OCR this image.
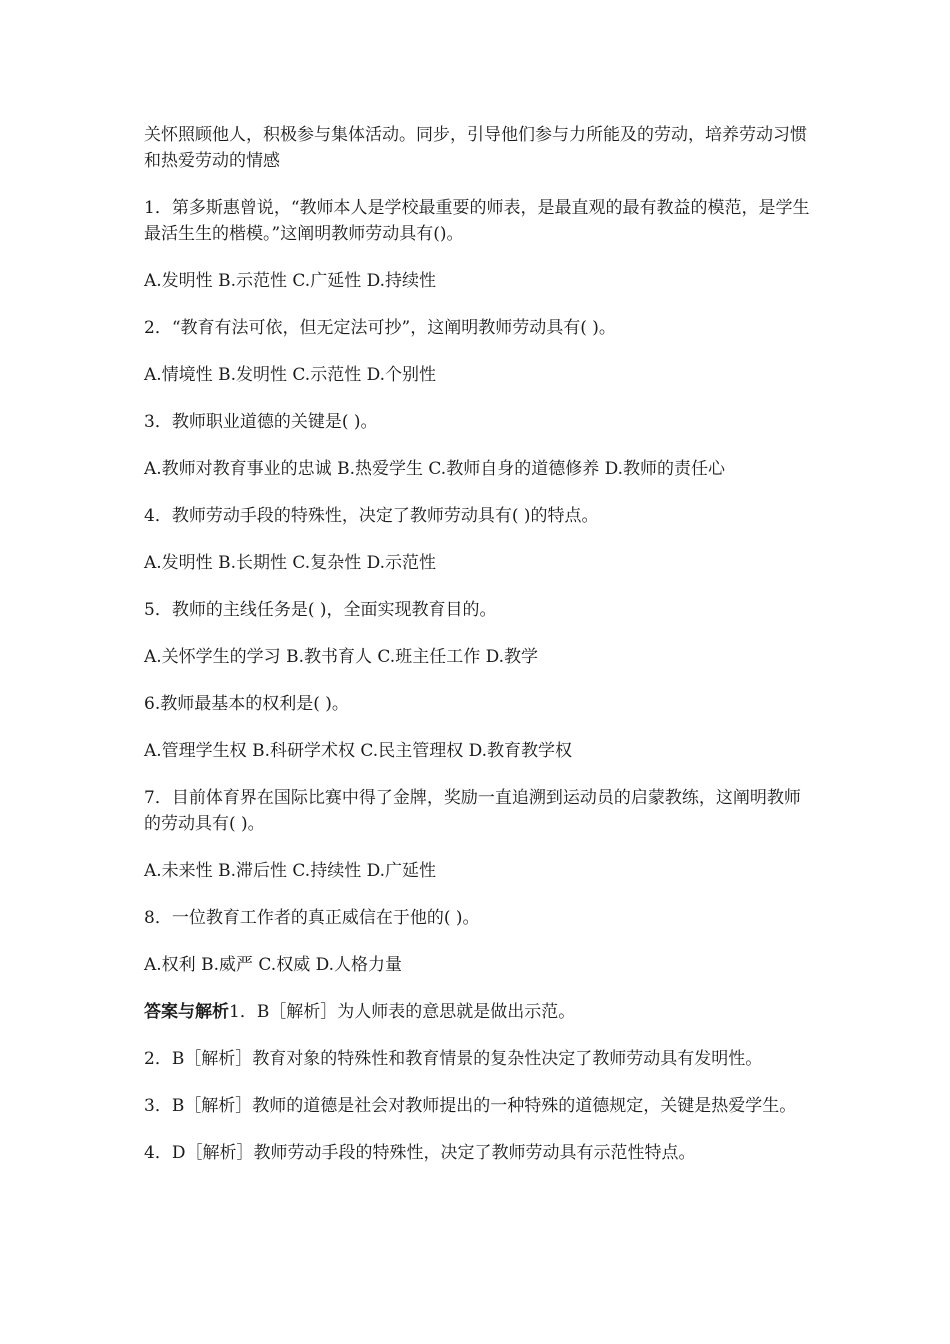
关怀照顾他人，积极参与集体活动。同步，引导他们参与力所能及的劳动，培养劳动习惯和热爱劳动的情感

1．第多斯惠曾说，“教师本人是学校最重要的师表，是最直观的最有教益的模范，是学生最活生生的楷模。”这阐明教师劳动具有()。

A.发明性 B.示范性 C.广延性 D.持续性

2．“教育有法可依，但无定法可抄”，这阐明教师劳动具有( )。

A.情境性 B.发明性 C.示范性 D.个别性

3．教师职业道德的关键是( )。

A.教师对教育事业的忠诚 B.热爱学生 C.教师自身的道德修养 D.教师的责任心

4．教师劳动手段的特殊性，决定了教师劳动具有( )的特点。

A.发明性 B.长期性 C.复杂性 D.示范性

5．教师的主线任务是( )，全面实现教育目的。

A.关怀学生的学习 B.教书育人 C.班主任工作 D.教学

6.教师最基本的权利是( )。

A.管理学生权 B.科研学术权 C.民主管理权 D.教育教学权

7．目前体育界在国际比赛中得了金牌，奖励一直追溯到运动员的启蒙教练，这阐明教师的劳动具有( )。

A.未来性 B.滞后性 C.持续性 D.广延性

8．一位教育工作者的真正威信在于他的( )。

A.权利 B.威严 C.权威 D.人格力量

答案与解析1．B［解析］为人师表的意思就是做出示范。

2．B［解析］教育对象的特殊性和教育情景的复杂性决定了教师劳动具有发明性。

3．B［解析］教师的道德是社会对教师提出的一种特殊的道德规定，关键是热爱学生。

4．D［解析］教师劳动手段的特殊性，决定了教师劳动具有示范性特点。
